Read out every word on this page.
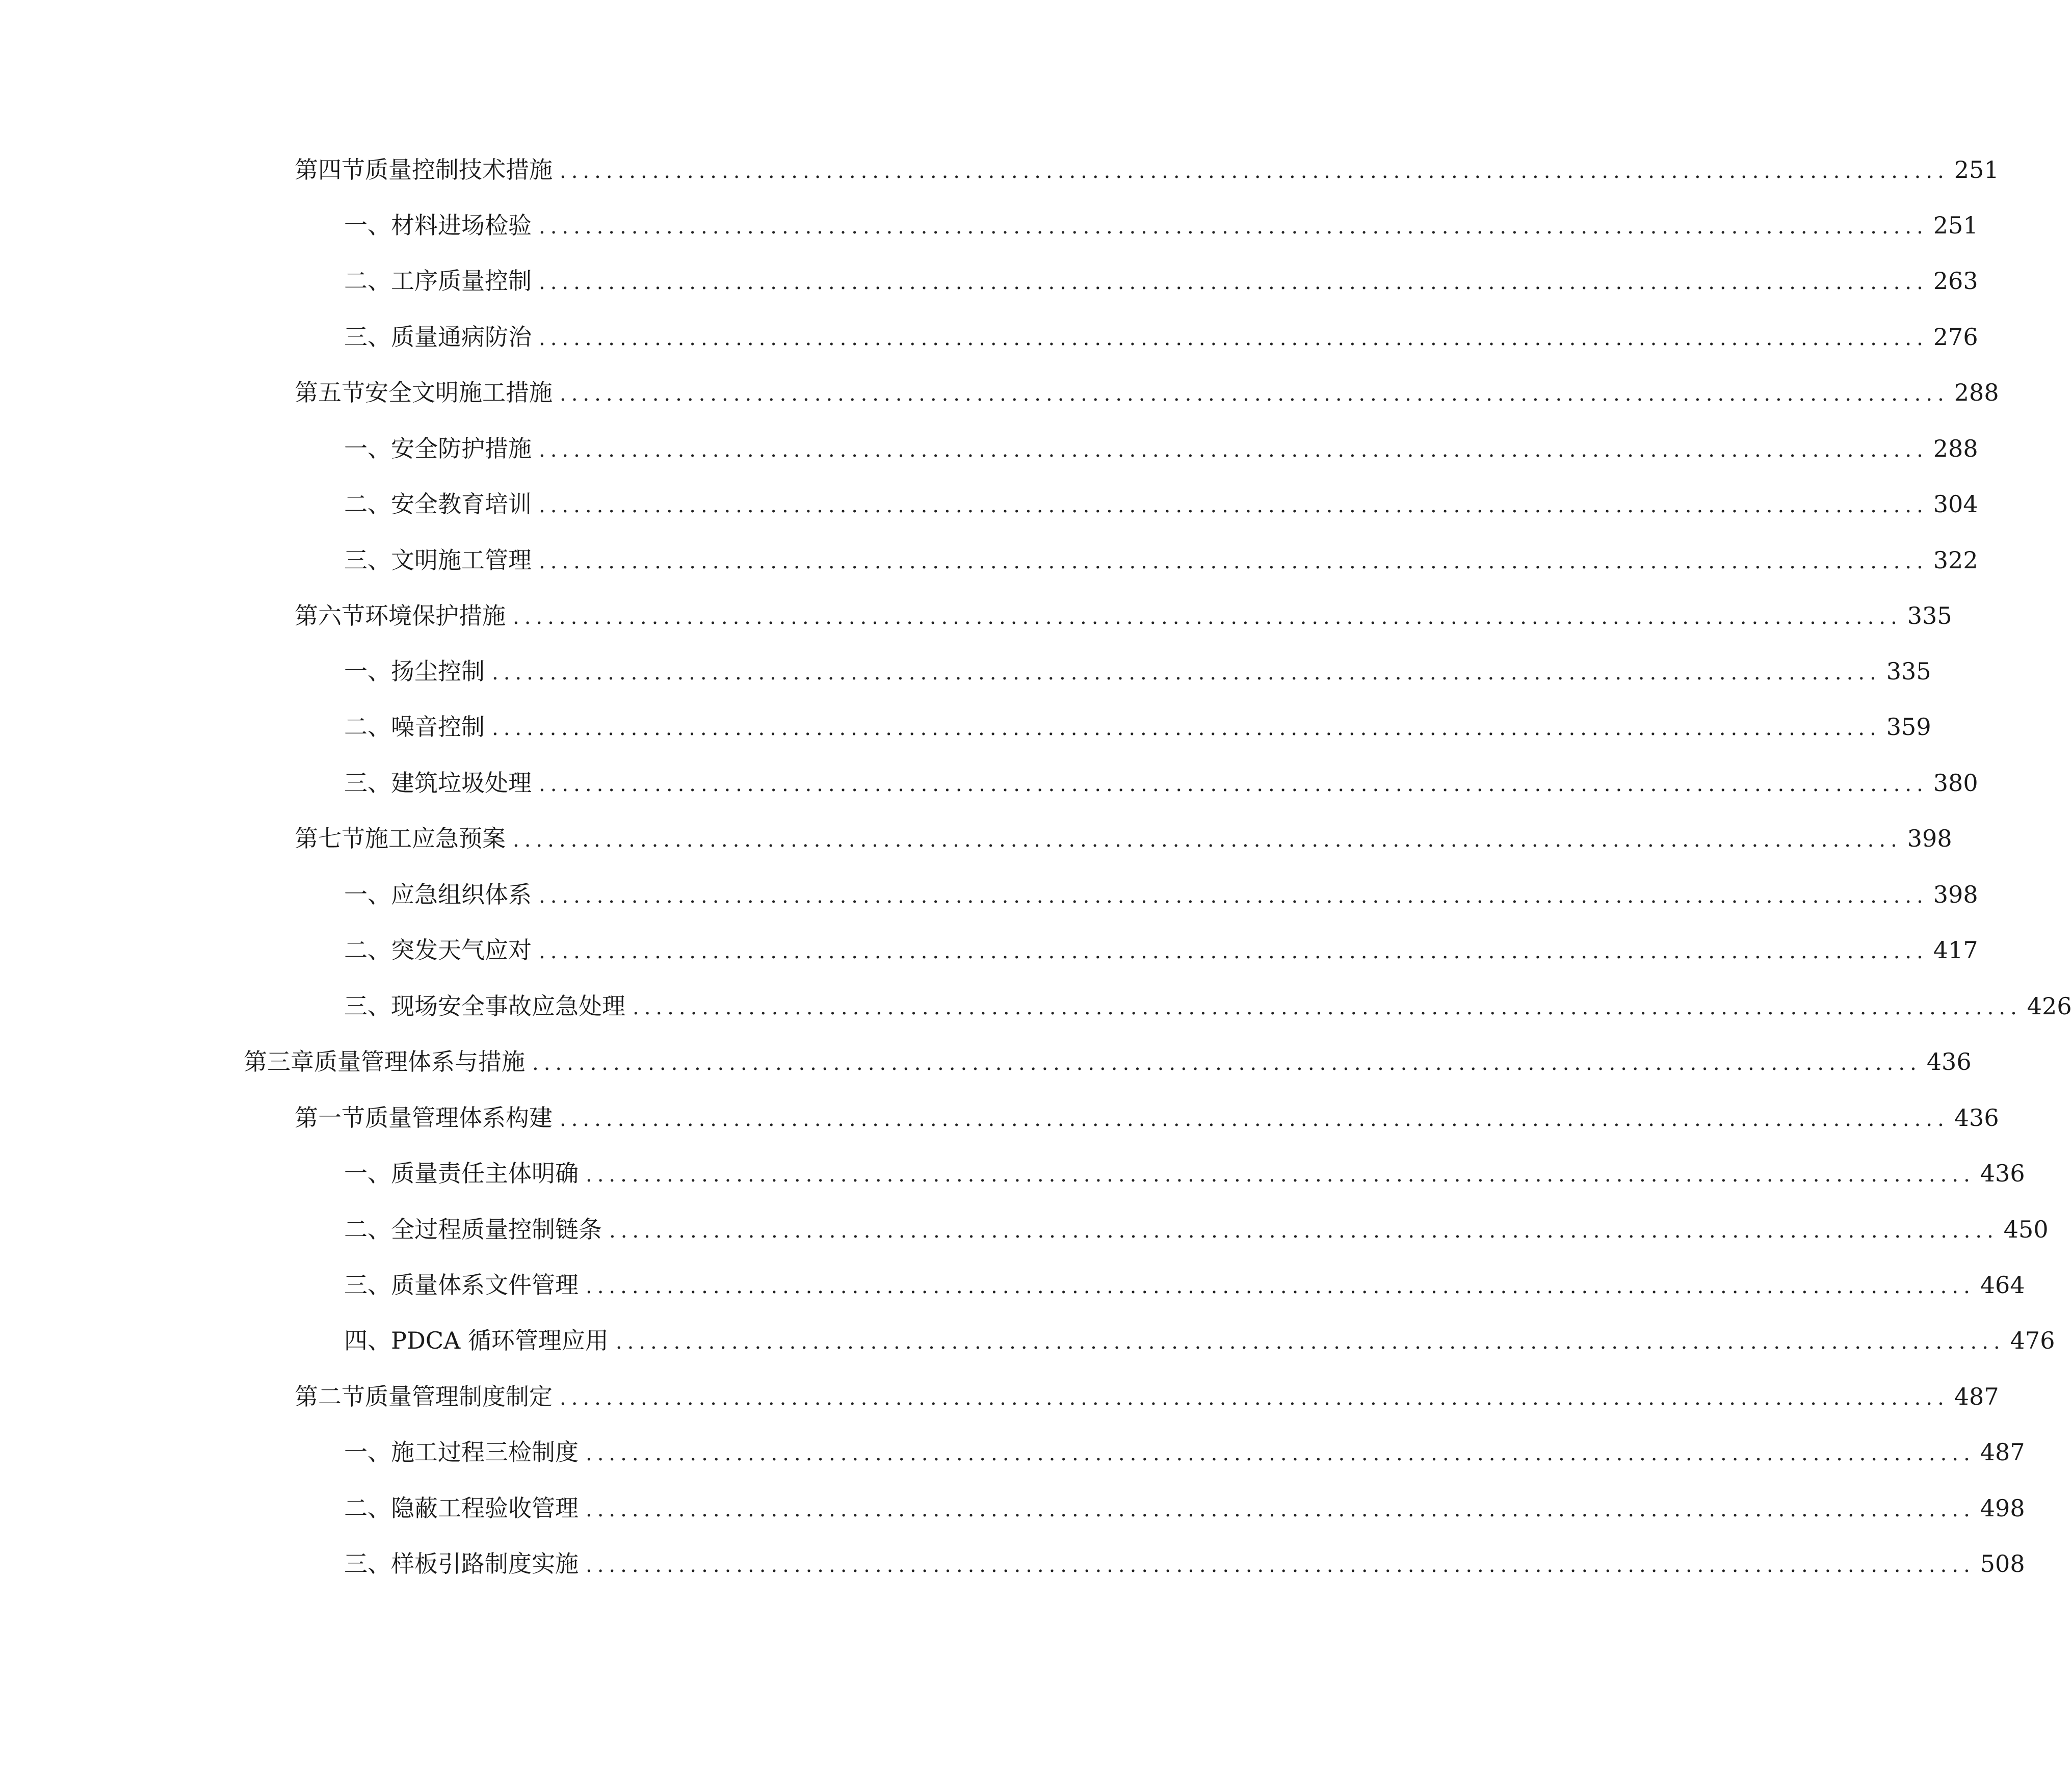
第四节 质量控制技术措施 ........................................................................................................................ 251
一、 材料进场检验 ........................................................................................................................ 251
二、 工序质量控制 ........................................................................................................................ 263
三、 质量通病防治 ........................................................................................................................ 276
第五节 安全文明施工措施 ........................................................................................................................ 288
一、 安全防护措施 ........................................................................................................................ 288
二、 安全教育培训 ........................................................................................................................ 304
三、 文明施工管理 ........................................................................................................................ 322
第六节 环境保护措施 ........................................................................................................................ 335
一、 扬尘控制 ........................................................................................................................ 335
二、 噪音控制 ........................................................................................................................ 359
三、 建筑垃圾处理 ........................................................................................................................ 380
第七节 施工应急预案 ........................................................................................................................ 398
一、 应急组织体系 ........................................................................................................................ 398
二、 突发天气应对 ........................................................................................................................ 417
三、 现场安全事故应急处理 ........................................................................................................................ 426
第三章 质量管理体系与措施 ........................................................................................................................ 436
第一节 质量管理体系构建 ........................................................................................................................ 436
一、 质量责任主体明确 ........................................................................................................................ 436
二、 全过程质量控制链条 ........................................................................................................................ 450
三、 质量体系文件管理 ........................................................................................................................ 464
四、 PDCA 循环管理应用 ........................................................................................................................ 476
第二节 质量管理制度制定 ........................................................................................................................ 487
一、 施工过程三检制度 ........................................................................................................................ 487
二、 隐蔽工程验收管理 ........................................................................................................................ 498
三、 样板引路制度实施 ........................................................................................................................ 508
